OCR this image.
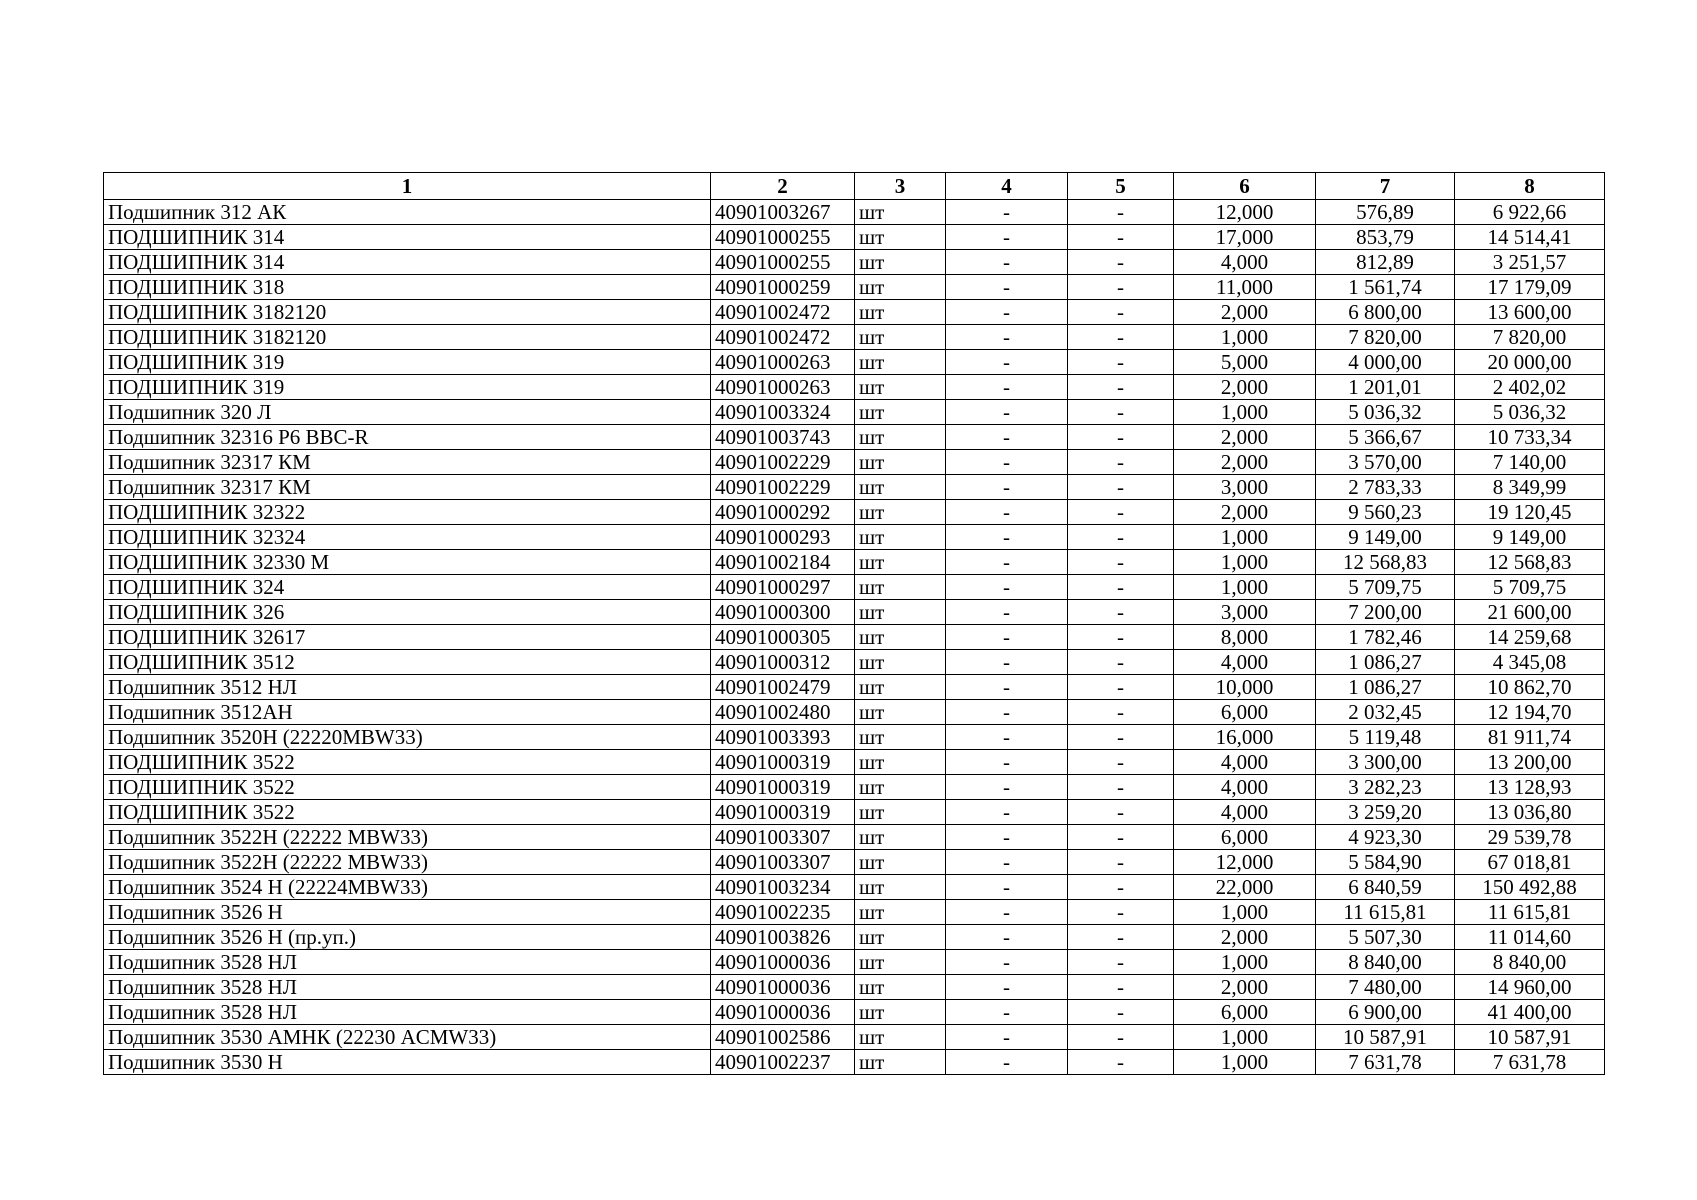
1	2	3	4	5	6	7	8
Подшипник 312 АК	40901003267	шт	-	-	12,000	576,89	6 922,66
ПОДШИПНИК 314	40901000255	шт	-	-	17,000	853,79	14 514,41
ПОДШИПНИК 314	40901000255	шт	-	-	4,000	812,89	3 251,57
ПОДШИПНИК 318	40901000259	шт	-	-	11,000	1 561,74	17 179,09
ПОДШИПНИК 3182120	40901002472	шт	-	-	2,000	6 800,00	13 600,00
ПОДШИПНИК 3182120	40901002472	шт	-	-	1,000	7 820,00	7 820,00
ПОДШИПНИК 319	40901000263	шт	-	-	5,000	4 000,00	20 000,00
ПОДШИПНИК 319	40901000263	шт	-	-	2,000	1 201,01	2 402,02
Подшипник 320 Л	40901003324	шт	-	-	1,000	5 036,32	5 036,32
Подшипник 32316 Р6 BBC-R	40901003743	шт	-	-	2,000	5 366,67	10 733,34
Подшипник 32317 КМ	40901002229	шт	-	-	2,000	3 570,00	7 140,00
Подшипник 32317 КМ	40901002229	шт	-	-	3,000	2 783,33	8 349,99
ПОДШИПНИК 32322	40901000292	шт	-	-	2,000	9 560,23	19 120,45
ПОДШИПНИК 32324	40901000293	шт	-	-	1,000	9 149,00	9 149,00
ПОДШИПНИК 32330 М	40901002184	шт	-	-	1,000	12 568,83	12 568,83
ПОДШИПНИК 324	40901000297	шт	-	-	1,000	5 709,75	5 709,75
ПОДШИПНИК 326	40901000300	шт	-	-	3,000	7 200,00	21 600,00
ПОДШИПНИК 32617	40901000305	шт	-	-	8,000	1 782,46	14 259,68
ПОДШИПНИК 3512	40901000312	шт	-	-	4,000	1 086,27	4 345,08
Подшипник 3512 НЛ	40901002479	шт	-	-	10,000	1 086,27	10 862,70
Подшипник 3512АН	40901002480	шт	-	-	6,000	2 032,45	12 194,70
Подшипник 3520Н (22220MBW33)	40901003393	шт	-	-	16,000	5 119,48	81 911,74
ПОДШИПНИК 3522	40901000319	шт	-	-	4,000	3 300,00	13 200,00
ПОДШИПНИК 3522	40901000319	шт	-	-	4,000	3 282,23	13 128,93
ПОДШИПНИК 3522	40901000319	шт	-	-	4,000	3 259,20	13 036,80
Подшипник 3522Н (22222 MBW33)	40901003307	шт	-	-	6,000	4 923,30	29 539,78
Подшипник 3522Н (22222 MBW33)	40901003307	шт	-	-	12,000	5 584,90	67 018,81
Подшипник 3524 Н (22224MBW33)	40901003234	шт	-	-	22,000	6 840,59	150 492,88
Подшипник 3526 Н	40901002235	шт	-	-	1,000	11 615,81	11 615,81
Подшипник 3526 Н (пр.уп.)	40901003826	шт	-	-	2,000	5 507,30	11 014,60
Подшипник 3528 НЛ	40901000036	шт	-	-	1,000	8 840,00	8 840,00
Подшипник 3528 НЛ	40901000036	шт	-	-	2,000	7 480,00	14 960,00
Подшипник 3528 НЛ	40901000036	шт	-	-	6,000	6 900,00	41 400,00
Подшипник 3530 АМНК (22230 ACMW33)	40901002586	шт	-	-	1,000	10 587,91	10 587,91
Подшипник 3530 Н	40901002237	шт	-	-	1,000	7 631,78	7 631,78
